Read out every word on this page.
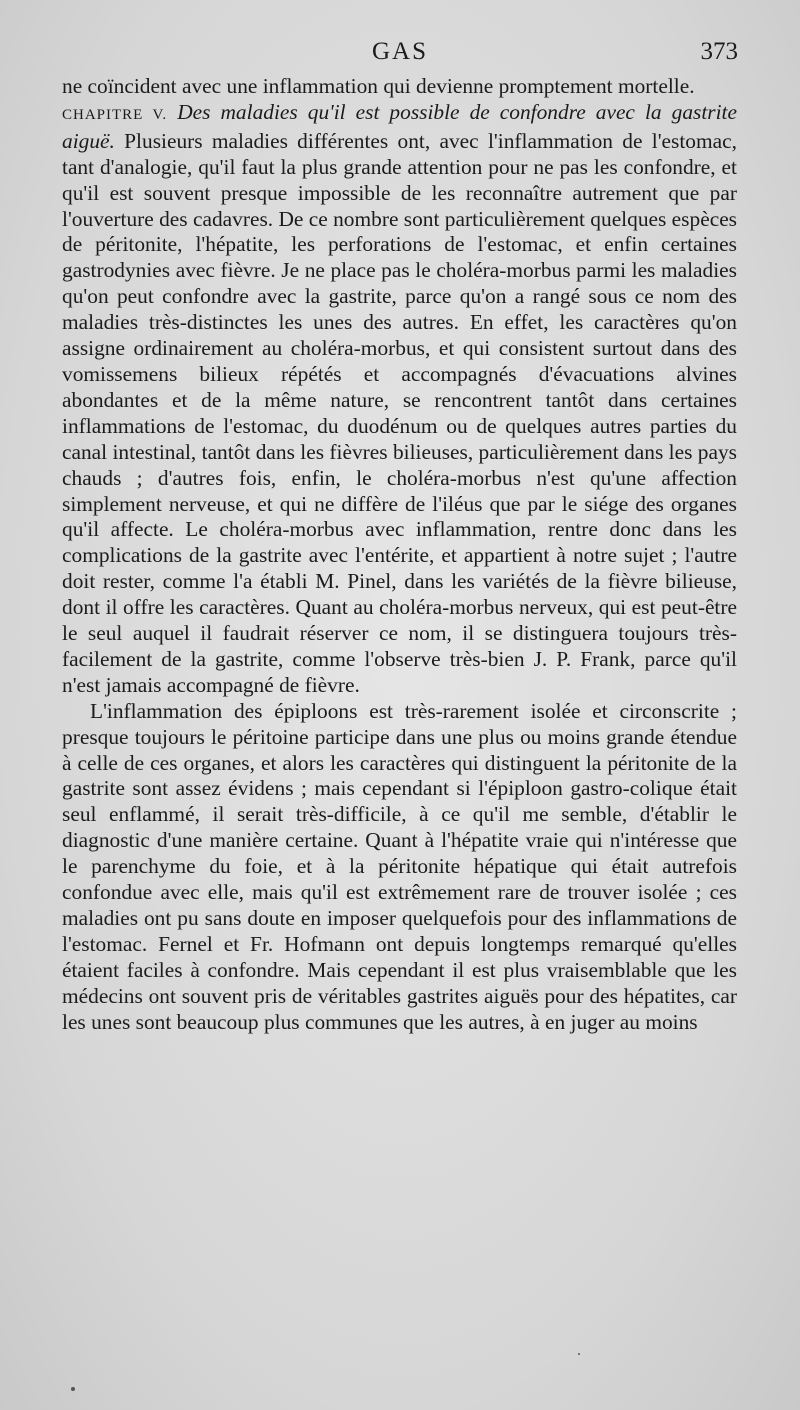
GAS	373

ne coïncident avec une inflammation qui devienne promptement mortelle.

CHAPITRE V. Des maladies qu'il est possible de confondre avec la gastrite aiguë. Plusieurs maladies différentes ont, avec l'inflammation de l'estomac, tant d'analogie, qu'il faut la plus grande attention pour ne pas les confondre, et qu'il est souvent presque impossible de les reconnaître autrement que par l'ouverture des cadavres. De ce nombre sont particulièrement quelques espèces de péritonite, l'hépatite, les perforations de l'estomac, et enfin certaines gastrodynies avec fièvre. Je ne place pas le choléra-morbus parmi les maladies qu'on peut confondre avec la gastrite, parce qu'on a rangé sous ce nom des maladies très-distinctes les unes des autres. En effet, les caractères qu'on assigne ordinairement au choléra-morbus, et qui consistent surtout dans des vomissemens bilieux répétés et accompagnés d'évacuations alvines abondantes et de la même nature, se rencontrent tantôt dans certaines inflammations de l'estomac, du duodénum ou de quelques autres parties du canal intestinal, tantôt dans les fièvres bilieuses, particulièrement dans les pays chauds ; d'autres fois, enfin, le choléra-morbus n'est qu'une affection simplement nerveuse, et qui ne diffère de l'iléus que par le siége des organes qu'il affecte. Le choléra-morbus avec inflammation, rentre donc dans les complications de la gastrite avec l'entérite, et appartient à notre sujet ; l'autre doit rester, comme l'a établi M. Pinel, dans les variétés de la fièvre bilieuse, dont il offre les caractères. Quant au choléra-morbus nerveux, qui est peut-être le seul auquel il faudrait réserver ce nom, il se distinguera toujours très-facilement de la gastrite, comme l'observe très-bien J. P. Frank, parce qu'il n'est jamais accompagné de fièvre.

L'inflammation des épiploons est très-rarement isolée et circonscrite ; presque toujours le péritoine participe dans une plus ou moins grande étendue à celle de ces organes, et alors les caractères qui distinguent la péritonite de la gastrite sont assez évidens ; mais cependant si l'épiploon gastro-colique était seul enflammé, il serait très-difficile, à ce qu'il me semble, d'établir le diagnostic d'une manière certaine. Quant à l'hépatite vraie qui n'intéresse que le parenchyme du foie, et à la péritonite hépatique qui était autrefois confondue avec elle, mais qu'il est extrêmement rare de trouver isolée ; ces maladies ont pu sans doute en imposer quelquefois pour des inflammations de l'estomac. Fernel et Fr. Hofmann ont depuis longtemps remarqué qu'elles étaient faciles à confondre. Mais cependant il est plus vraisemblable que les médecins ont souvent pris de véritables gastrites aiguës pour des hépatites, car les unes sont beaucoup plus communes que les autres, à en juger au moins
